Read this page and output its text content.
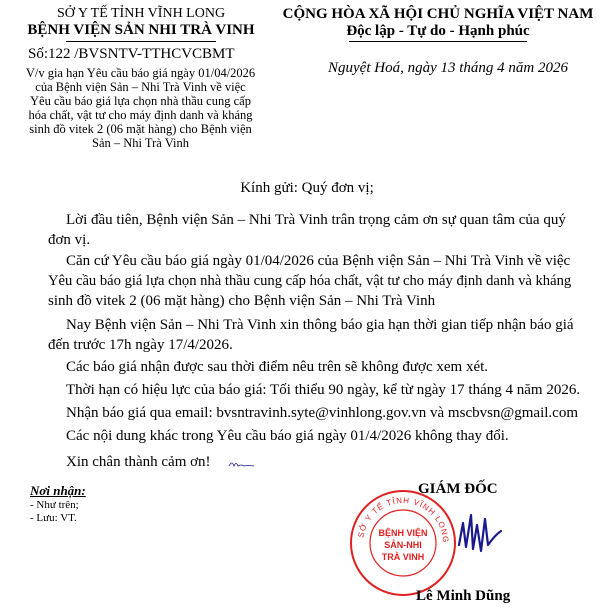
SỞ Y TẾ TỈNH VĨNH LONG
BỆNH VIỆN SẢN NHI TRÀ VINH
CỘNG HÒA XÃ HỘI CHỦ NGHĨA VIỆT NAM
Độc lập - Tự do - Hạnh phúc
Số:122 /BVSNTV-TTHCVCBMT
V/v gia hạn Yêu cầu báo giá ngày 01/04/2026
của Bệnh viện Sản – Nhi Trà Vinh về việc
Yêu cầu báo giá lựa chọn nhà thầu cung cấp
hóa chất, vật tư cho máy định danh và kháng
sinh đồ vitek 2 (06 mặt hàng) cho Bệnh viện
Sản – Nhi Trà Vinh
Nguyệt Hoá, ngày 13 tháng 4 năm 2026
Kính gửi: Quý đơn vị;
Lời đầu tiên, Bệnh viện Sản – Nhi Trà Vinh trân trọng cảm ơn sự quan tâm của quý
đơn vị.
Căn cứ Yêu cầu báo giá ngày 01/04/2026 của Bệnh viện Sản – Nhi Trà Vinh về việc
Yêu cầu báo giá lựa chọn nhà thầu cung cấp hóa chất, vật tư cho máy định danh và kháng
sinh đồ vitek 2 (06 mặt hàng) cho Bệnh viện Sản – Nhi Trà Vinh
Nay Bệnh viện Sản – Nhi Trà Vinh xin thông báo gia hạn thời gian tiếp nhận báo giá
đến trước 17h ngày 17/4/2026.
Các báo giá nhận được sau thời điểm nêu trên sẽ không được xem xét.
Thời hạn có hiệu lực của báo giá: Tối thiểu 90 ngày, kể từ ngày 17 tháng 4 năm 2026.
Nhận báo giá qua email: bvsntravinh.syte@vinhlong.gov.vn và mscbvsn@gmail.com
Các nội dung khác trong Yêu cầu báo giá ngày 01/4/2026 không thay đổi.
Xin chân thành cảm ơn!
Nơi nhận:
- Như trên;
- Lưu: VT.
SỞ Y TẾ TỈNH VĨNH LONG
BỆNH VIỆN
SẢN-NHI
TRÀ VINH
GIÁM ĐỐC
Lê Minh Dũng
